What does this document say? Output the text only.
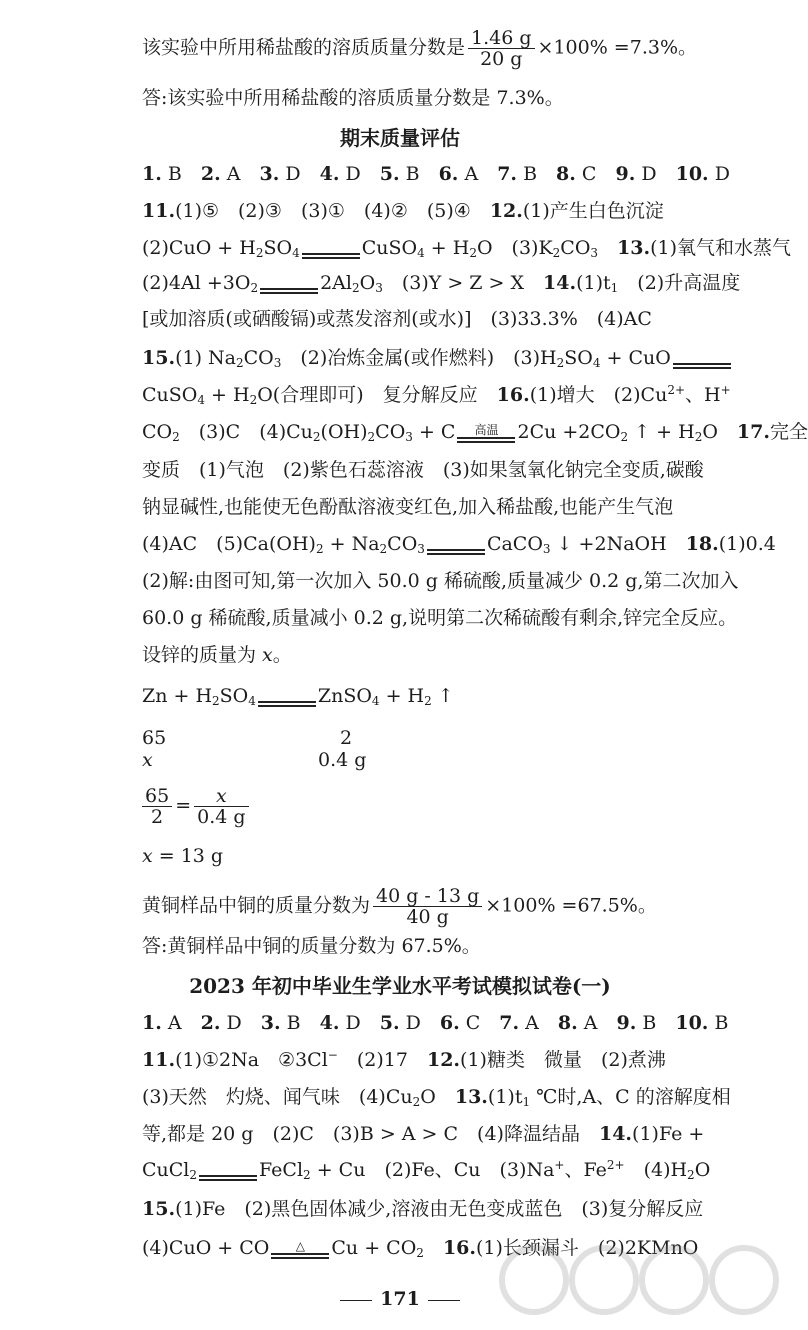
该实验中所用稀盐酸的溶质质量分数是 $\frac{1.46 g}{20 g} \times 100\% =7.3\%$。
答:该实验中所用稀盐酸的溶质质量分数是 7.3%。
期末质量评估
1. B   2. A   3. D   4. D   5. B   6. A   7. B   8. C   9. D   10. D
11.(1)⑤　(2)③　(3)①　(4)②　(5)④　 12.(1)产生白色沉淀
$(2)CuO + H_2SO_4$	CuSO$_4$ + $H_2O$　$(3)K_2CO_3$　 13.(1)氧气和水蒸气
$(2)4Al +3O_2$	$2Al_2O_3$　(3)Y > Z > X　 $14.(1)t_1$　(2)升高温度
[或加溶质(或硒酸镉)或蒸发溶剂(或水)]　(3)33.3%　(4)AC
15.(1) $Na_2CO_3$　(2)冶炼金属(或作燃料)　$(3)H_2SO_4$ + CuO
CuSO$_4$ + $H_2O$(合理即可)　复分解反应　 16.(1)增大　$(2)Cu^{2+}$、H+
$CO_2$　(3)C　$(4)Cu_2(OH)_2CO_3 + C$	高温	$2Cu +2CO_2$ ↑ + $H_2O$　 17.完全
变质　(1)气泡　(2)紫色石蕊溶液　(3)如果氢氧化钠完全变质,碳酸
钠显碱性,也能使无色酚酞溶液变红色,加入稀盐酸,也能产生气泡
(4)AC　$(5)Ca(OH)_2 + Na_2CO_3$	CaCO$_3$ ↓ +2NaOH　 18.(1)0.4
(2)解:由图可知,第一次加入 50.0 g 稀硫酸,质量减少 0.2 g,第二次加入
60.0 g 稀硫酸,质量减小 0.2 g,说明第二次稀硫酸有剩余,锌完全反应。
设锌的质量为 x。
$Zn + H_2SO_4$	ZnSO$_4$ + $H_2$ ↑
65	2
x	0.4 g
$\frac{65}{2} = \frac{x}{0.4 g}$
x = 13 g
黄铜样品中铜的质量分数为 $\frac{40 g - 13 g}{40 g} \times 100\% =67.5\%$。
答:黄铜样品中铜的质量分数为 67.5%。
2023 年初中毕业生学业水平考试模拟试卷(一)
1. A   2. D   3. B   4. D   5. D   6. C   7. A   8. A   9. B   10. B
11.(1)①2Na　②3Cl−　(2)17　 12.(1)糖类　微量　(2)煮沸
(3)天然　灼烧、闻气味　$(4)Cu_2O$　 $13.(1)t_1$ ℃时,A、C 的溶解度相
等,都是 20 g　(2)C　(3)B > A > C　(4)降温结晶　 14.(1)Fe +
CuCl$_2$	FeCl$_2$ + Cu　(2)Fe、Cu　(3)Na+、$Fe^{2+}$　$(4)H_2O$
15.(1)Fe　(2)黑色固体减少,溶液由无色变成蓝色　(3)复分解反应
(4)CuO + CO	△	$Cu + CO_2$　 16.(1)长颈漏斗　(2)2KMnO
171
